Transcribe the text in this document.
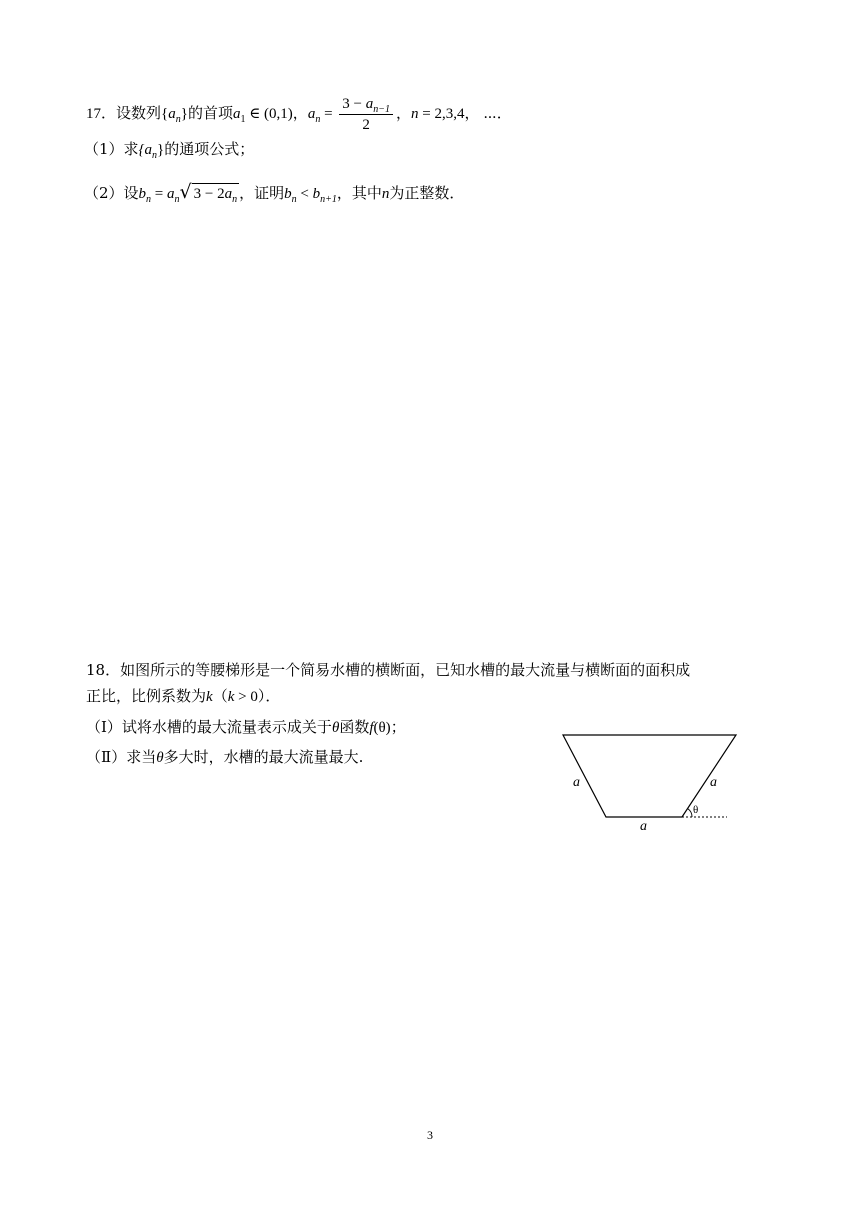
17．设数列$\{a_n\}$的首项$a_1$ ∈ (0,1)，$a_n = \frac{3 - a_{n-1}}{2}$ ，n = 2,3,4， ⋯．
（1）求$\{a_n\}$的通项公式；
（2）设$b_n = a_n√$ $3 - 2a_n$ ，证明$b_n < b_{n+1}$，其中n为正整数．
18．如图所示的等腰梯形是一个简易水槽的横断面，已知水槽的最大流量与横断面的面积成
正比，比例系数为k（k > 0）．
（Ⅰ）试将水槽的最大流量表示成关于θ函数f(θ)；
（Ⅱ）求当θ多大时，水槽的最大流量最大.
a	a
a
θ
3
